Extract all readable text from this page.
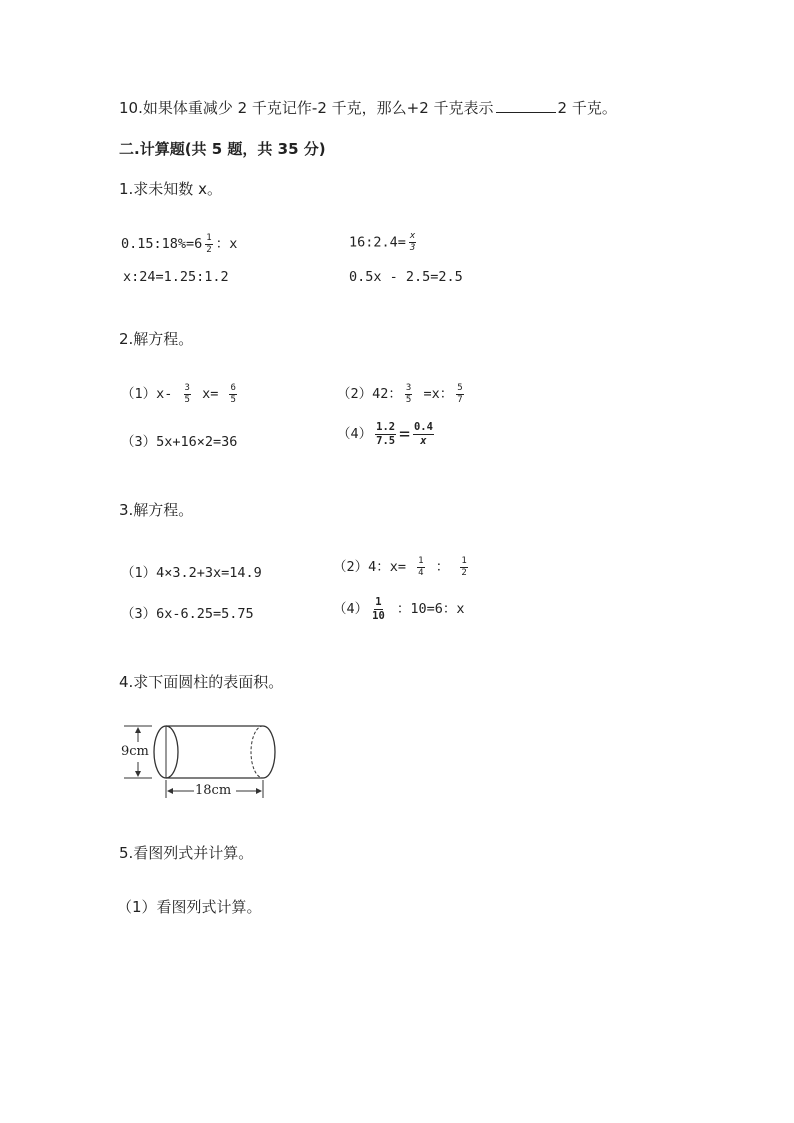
10.如果体重减少 2 千克记作-2 千克，那么+2 千克表示	2 千克。
二.计算题(共 5 题，共 35 分)
1.求未知数 x。
0.15:18%=6 $\frac{1}{2}$ ：x	16:2.4= $\frac{x}{3}$
x:24=1.25:1.2	0.5x - 2.5=2.5
2.解方程。
$(1)x- \frac{3}{5} x= \frac{6}{5}$	（2）42： $\frac{3}{5} =x$： $\frac{5}{7}$
（3）5x+16×2=36	$(4) \frac{1.2}{7.5} = \frac{0.4}{x}$
3.解方程。
（1）4×3.2+3x=14.9	（2）4：$x= \frac{1}{4}$ ： $\frac{1}{2}$
（3）6x-6.25=5.75	$(4) \frac{1}{10}$ ：10=6：x
4.求下面圆柱的表面积。
9cm
18cm
5.看图列式并计算。
（1）看图列式计算。
